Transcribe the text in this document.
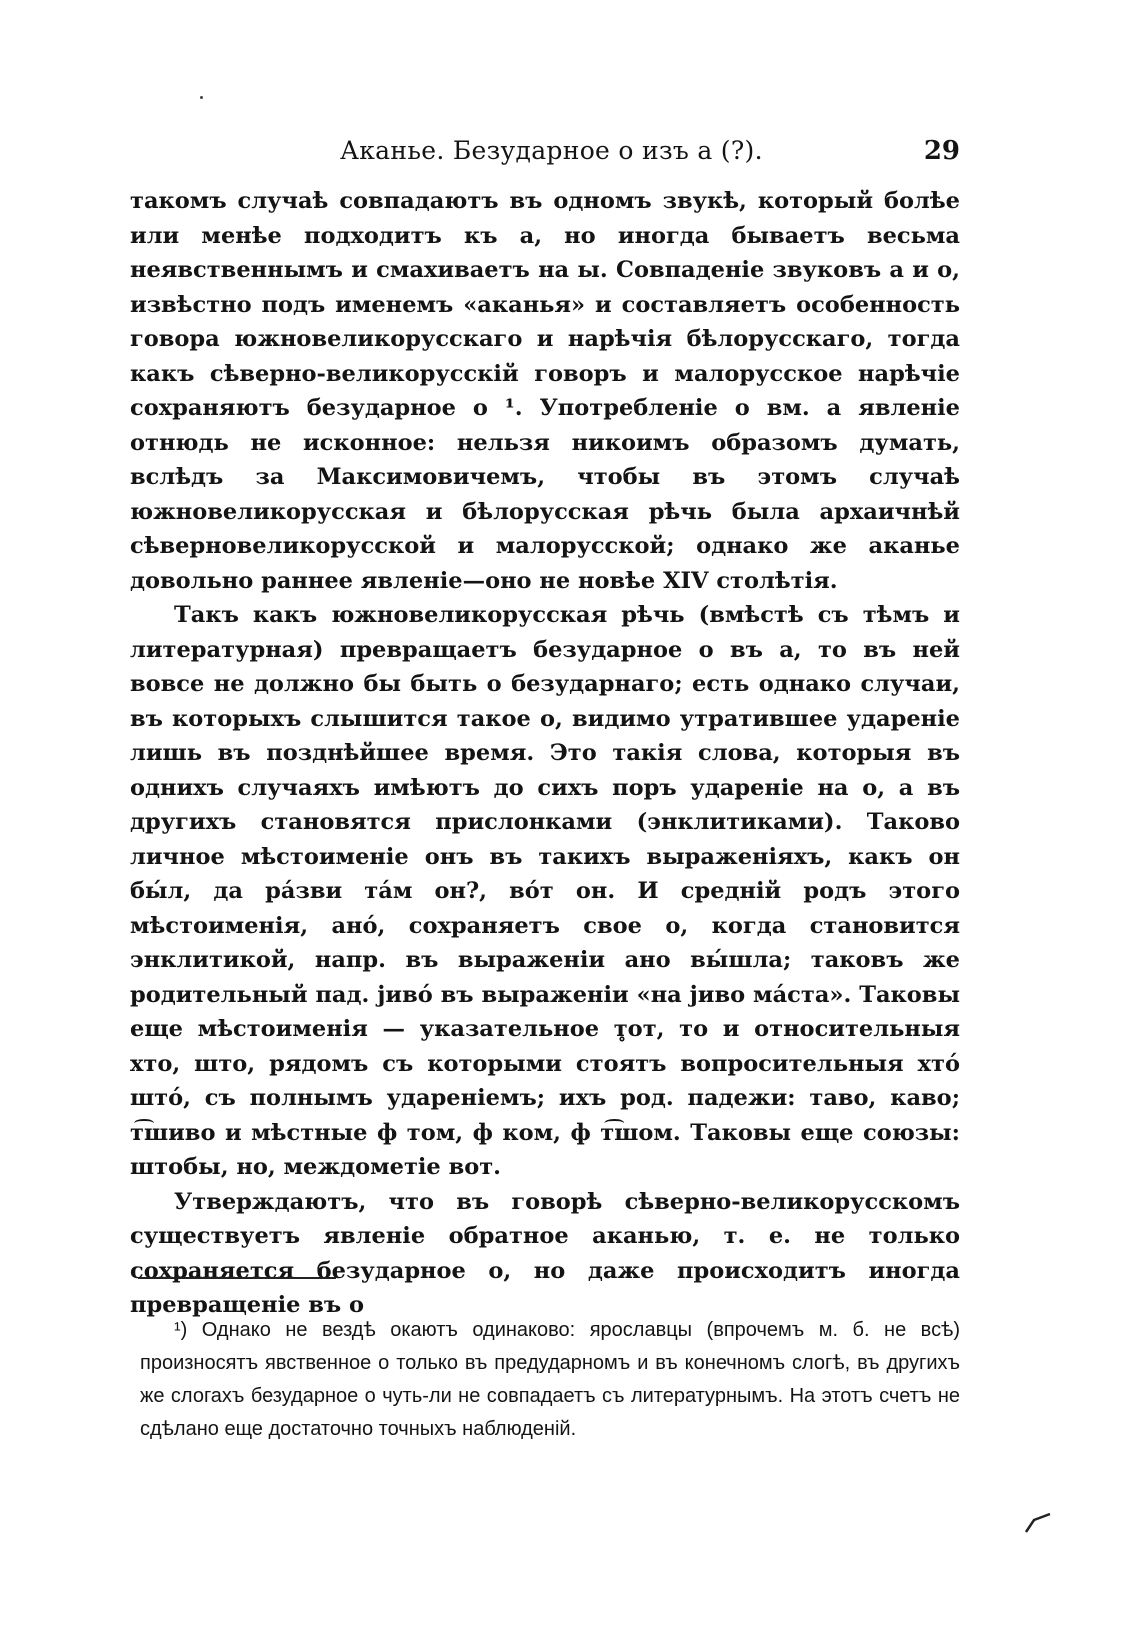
Аканье. Безударное о изъ а (?).	29

такомъ случаѣ совпадаютъ въ одномъ звукѣ, который болѣе или менѣе подходитъ къ а, но иногда бываетъ весьма неявственнымъ и смахиваетъ на ы. Совпаденіе звуковъ а и о, извѣстно подъ именемъ «аканья» и составляетъ особенность говора южновеликорусскаго и нарѣчія бѣлорусскаго, тогда какъ сѣверно-великорусскій говоръ и малорусское нарѣчіе сохраняютъ безударное о ¹. Употребленіе о вм. а явленіе отнюдь не исконное: нельзя никоимъ образомъ думать, вслѣдъ за Максимовичемъ, чтобы въ этомъ случаѣ южновеликорусская и бѣлорусская рѣчь была архаичнѣй сѣверновеликорусской и малорусской; однако же аканье довольно раннее явленіе—оно не новѣе XIV столѣтія.

Такъ какъ южновеликорусская рѣчь (вмѣстѣ съ тѣмъ и литературная) превращаетъ безударное о въ а, то въ ней вовсе не должно бы быть о безударнаго; есть однако случаи, въ которыхъ слышится такое о, видимо утратившее удареніе лишь въ позднѣйшее время. Это такія слова, которыя въ однихъ случаяхъ имѣютъ до сихъ поръ удареніе на о, а въ другихъ становятся прислонками (энклитиками). Таково личное мѣстоименіе онъ въ такихъ выраженіяхъ, какъ он бы́л, да ра́зви та́м он?, во́т он. И средній родъ этого мѣстоименія, ано́, сохраняетъ свое о, когда становится энклитикой, напр. въ выраженіи ано вы́шла; таковъ же родительный пад. јиво́ въ выраженіи «на јиво ма́ста». Таковы еще мѣстоименія — указательное т̥от, то и относительныя хто, што, рядомъ съ которыми стоятъ вопросительныя хто́ што́, съ полнымъ удареніемъ; ихъ род. падежи: таво, каво; т͡шиво и мѣстные ф том, ф ком, ф т͡шом. Таковы еще союзы: штобы, но, междометіе вот.

Утверждаютъ, что въ говорѣ сѣверно-великорусскомъ существуетъ явленіе обратное аканью, т. е. не только сохраняется безударное о, но даже происходитъ иногда превращеніе въ о

¹) Однако не вездѣ окаютъ одинаково: ярославцы (впрочемъ м. б. не всѣ) произносятъ явственное о только въ предударномъ и въ конечномъ слогѣ, въ другихъ же слогахъ безударное о чуть-ли не совпадаетъ съ литературнымъ. На этотъ счетъ не сдѣлано еще достаточно точныхъ наблюденій.
